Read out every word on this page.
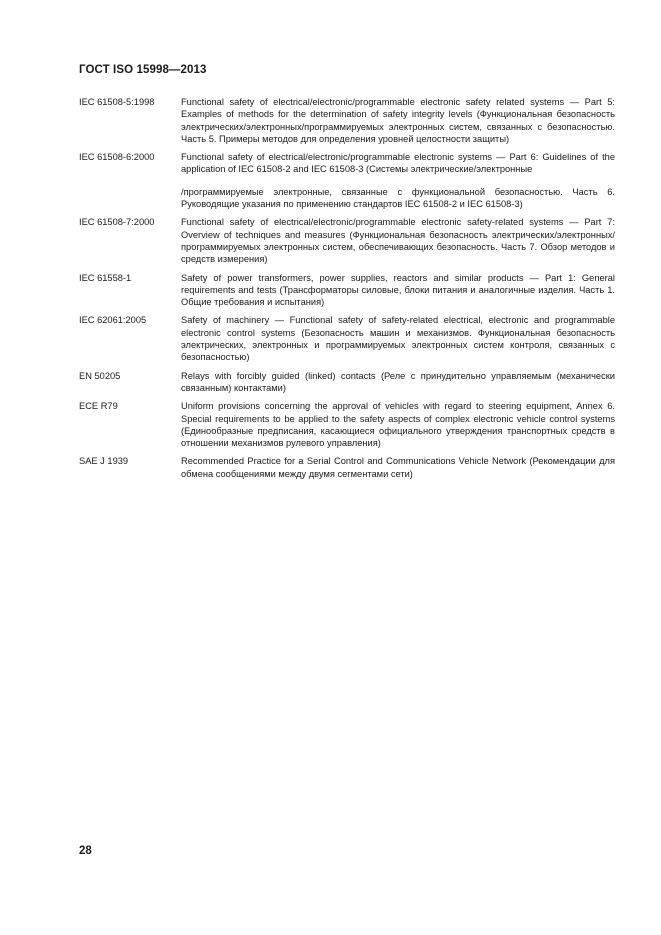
ГОСТ ISO 15998—2013
IEC 61508-5:1998	Functional safety of electrical/electronic/programmable electronic safety related systems — Part 5: Examples of methods for the determination of safety integrity levels (Функциональная безопасность электрических/электронных/программируемых электронных систем, связанных с безопасностью. Часть 5. Примеры методов для определения уровней целостности защиты)

IEC 61508-6:2000	Functional safety of electrical/electronic/programmable electronic systems — Part 6: Guidelines of the application of IEC 61508-2 and IEC 61508-3 (Системы электрические/электронные

/программируемые электронные, связанные с функциональной безопасностью. Часть 6. Руководящие указания по применению стандартов IEC 61508-2 и IEC 61508-3)

IEC 61508-7:2000	Functional safety of electrical/electronic/programmable electronic safety-related systems — Part 7: Overview of techniques and measures (Функциональная безопасность электрических/электронных/программируемых электронных систем, обеспечивающих безопасность. Часть 7. Обзор методов и средств измерения)

IEC 61558-1	Safety of power transformers, power supplies, reactors and similar products — Part 1: General requirements and tests (Трансформаторы силовые, блоки питания и аналогичные изделия. Часть 1. Общие требования и испытания)

IEC 62061:2005	Safety of machinery — Functional safety of safety-related electrical, electronic and programmable electronic control systems (Безопасность машин и механизмов. Функциональная безопасность электрических, электронных и программируемых электронных систем контроля, связанных с безопасностью)

EN 50205	Relays with forcibly guided (linked) contacts (Реле с принудительно управляемым (механически связанным) контактами)

ECE R79	Uniform provisions concerning the approval of vehicles with regard to steering equipment, Annex 6. Special requirements to be applied to the safety aspects of complex electronic vehicle control systems (Единообразные предписания, касающиеся официального утверждения транспортных средств в отношении механизмов рулевого управления)

SAE J 1939	Recommended Practice for a Serial Control and Communications Vehicle Network (Рекомендации для обмена сообщениями между двумя сегментами сети)

28
